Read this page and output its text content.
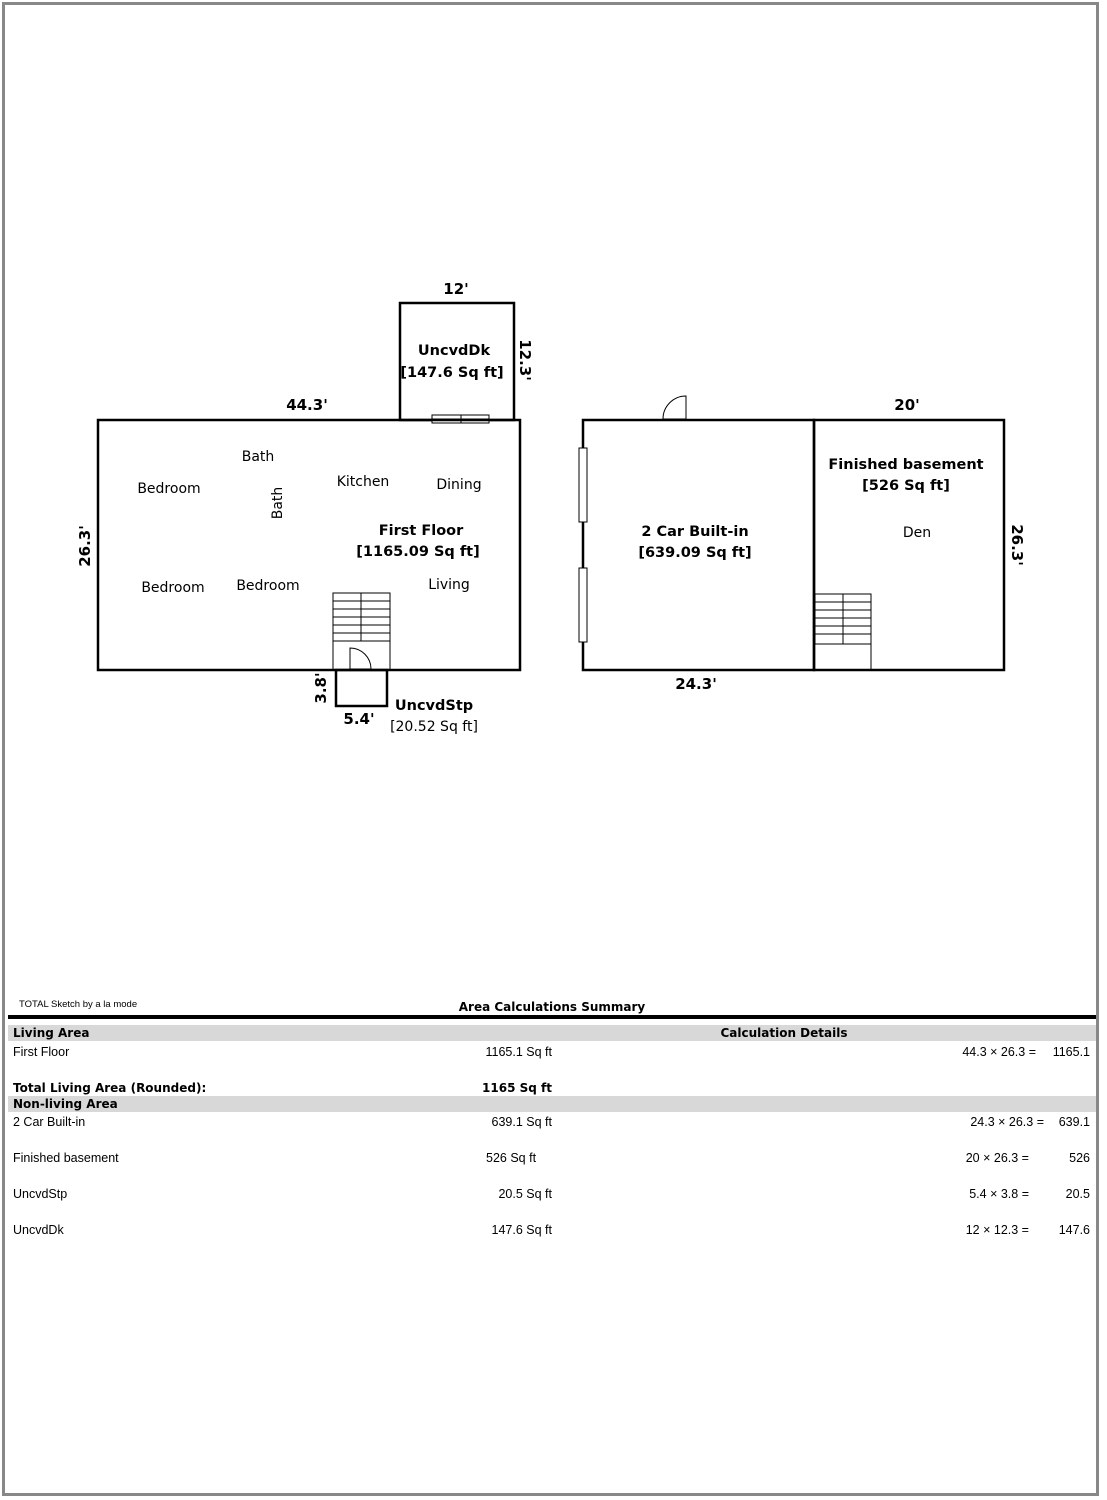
12'
12.3'
UncvdDk
[147.6 Sq ft]
44.3'
26.3'
Bath
Bath
Bedroom	Kitchen	Dining
First Floor
[1165.09 Sq ft]
Bedroom Bedroom	Living
3.8'
5.4'
UncvdStp
[20.52 Sq ft]
2 Car Built-in
[639.09 Sq ft]
24.3'
20'
Finished basement
[526 Sq ft]
Den	26.3'
TOTAL Sketch by a la mode	Area Calculations Summary
Living Area	Calculation Details
First Floor	1165.1 Sq ft	44.3 × 26.3 = 1165.1
Total Living Area (Rounded):	1165 Sq ft
Non-living Area
2 Car Built-in	639.1 Sq ft	24.3 × 26.3 = 639.1
Finished basement	526 Sq ft	20 × 26.3 =	526
UncvdStp	20.5 Sq ft	5.4 × 3.8 =	20.5
UncvdDk	147.6 Sq ft	12 × 12.3 = 147.6
